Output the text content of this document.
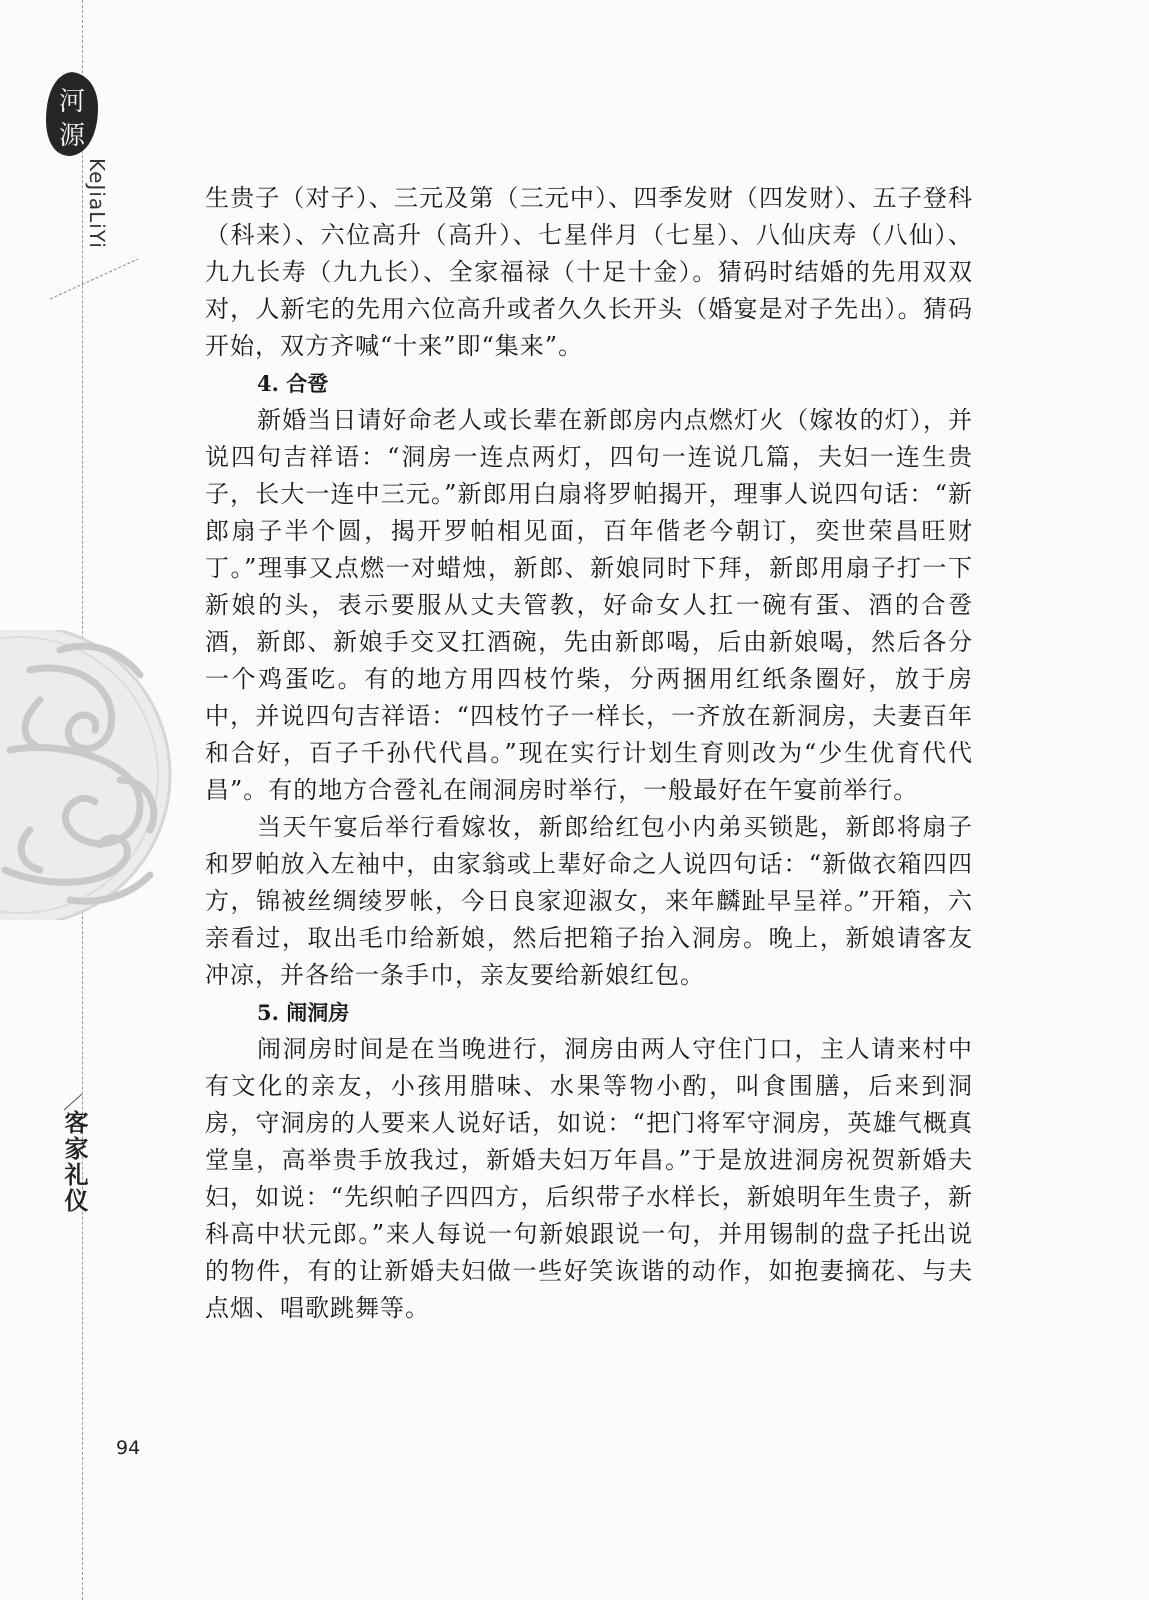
河
源
KeJiaLiYi
客家礼仪

生贵子（对子）、三元及第（三元中）、四季发财（四发财）、五子登科（科来）、六位高升（高升）、七星伴月（七星）、八仙庆寿（八仙）、九九长寿（九九长）、全家福禄（十足十金）。猜码时结婚的先用双双对，人新宅的先用六位高升或者久久长开头（婚宴是对子先出）。猜码开始，双方齐喊“十来”即“集来”。

4. 合卺

新婚当日请好命老人或长辈在新郎房内点燃灯火（嫁妆的灯），并说四句吉祥语：“洞房一连点两灯，四句一连说几篇，夫妇一连生贵子，长大一连中三元。”新郎用白扇将罗帕揭开，理事人说四句话：“新郎扇子半个圆，揭开罗帕相见面，百年偕老今朝订，奕世荣昌旺财丁。”理事又点燃一对蜡烛，新郎、新娘同时下拜，新郎用扇子打一下新娘的头，表示要服从丈夫管教，好命女人扛一碗有蛋、酒的合卺酒，新郎、新娘手交叉扛酒碗，先由新郎喝，后由新娘喝，然后各分一个鸡蛋吃。有的地方用四枝竹柴，分两捆用红纸条圈好，放于房中，并说四句吉祥语：“四枝竹子一样长，一齐放在新洞房，夫妻百年和合好，百子千孙代代昌。”现在实行计划生育则改为“少生优育代代昌”。有的地方合卺礼在闹洞房时举行，一般最好在午宴前举行。

当天午宴后举行看嫁妆，新郎给红包小内弟买锁匙，新郎将扇子和罗帕放入左袖中，由家翁或上辈好命之人说四句话：“新做衣箱四四方，锦被丝绸绫罗帐，今日良家迎淑女，来年麟趾早呈祥。”开箱，六亲看过，取出毛巾给新娘，然后把箱子抬入洞房。晚上，新娘请客友冲凉，并各给一条手巾，亲友要给新娘红包。

5. 闹洞房

闹洞房时间是在当晚进行，洞房由两人守住门口，主人请来村中有文化的亲友，小孩用腊味、水果等物小酌，叫食围膳，后来到洞房，守洞房的人要来人说好话，如说：“把门将军守洞房，英雄气概真堂皇，高举贵手放我过，新婚夫妇万年昌。”于是放进洞房祝贺新婚夫妇，如说：“先织帕子四四方，后织带子水样长，新娘明年生贵子，新科高中状元郎。”来人每说一句新娘跟说一句，并用锡制的盘子托出说的物件，有的让新婚夫妇做一些好笑诙谐的动作，如抱妻摘花、与夫点烟、唱歌跳舞等。

94
